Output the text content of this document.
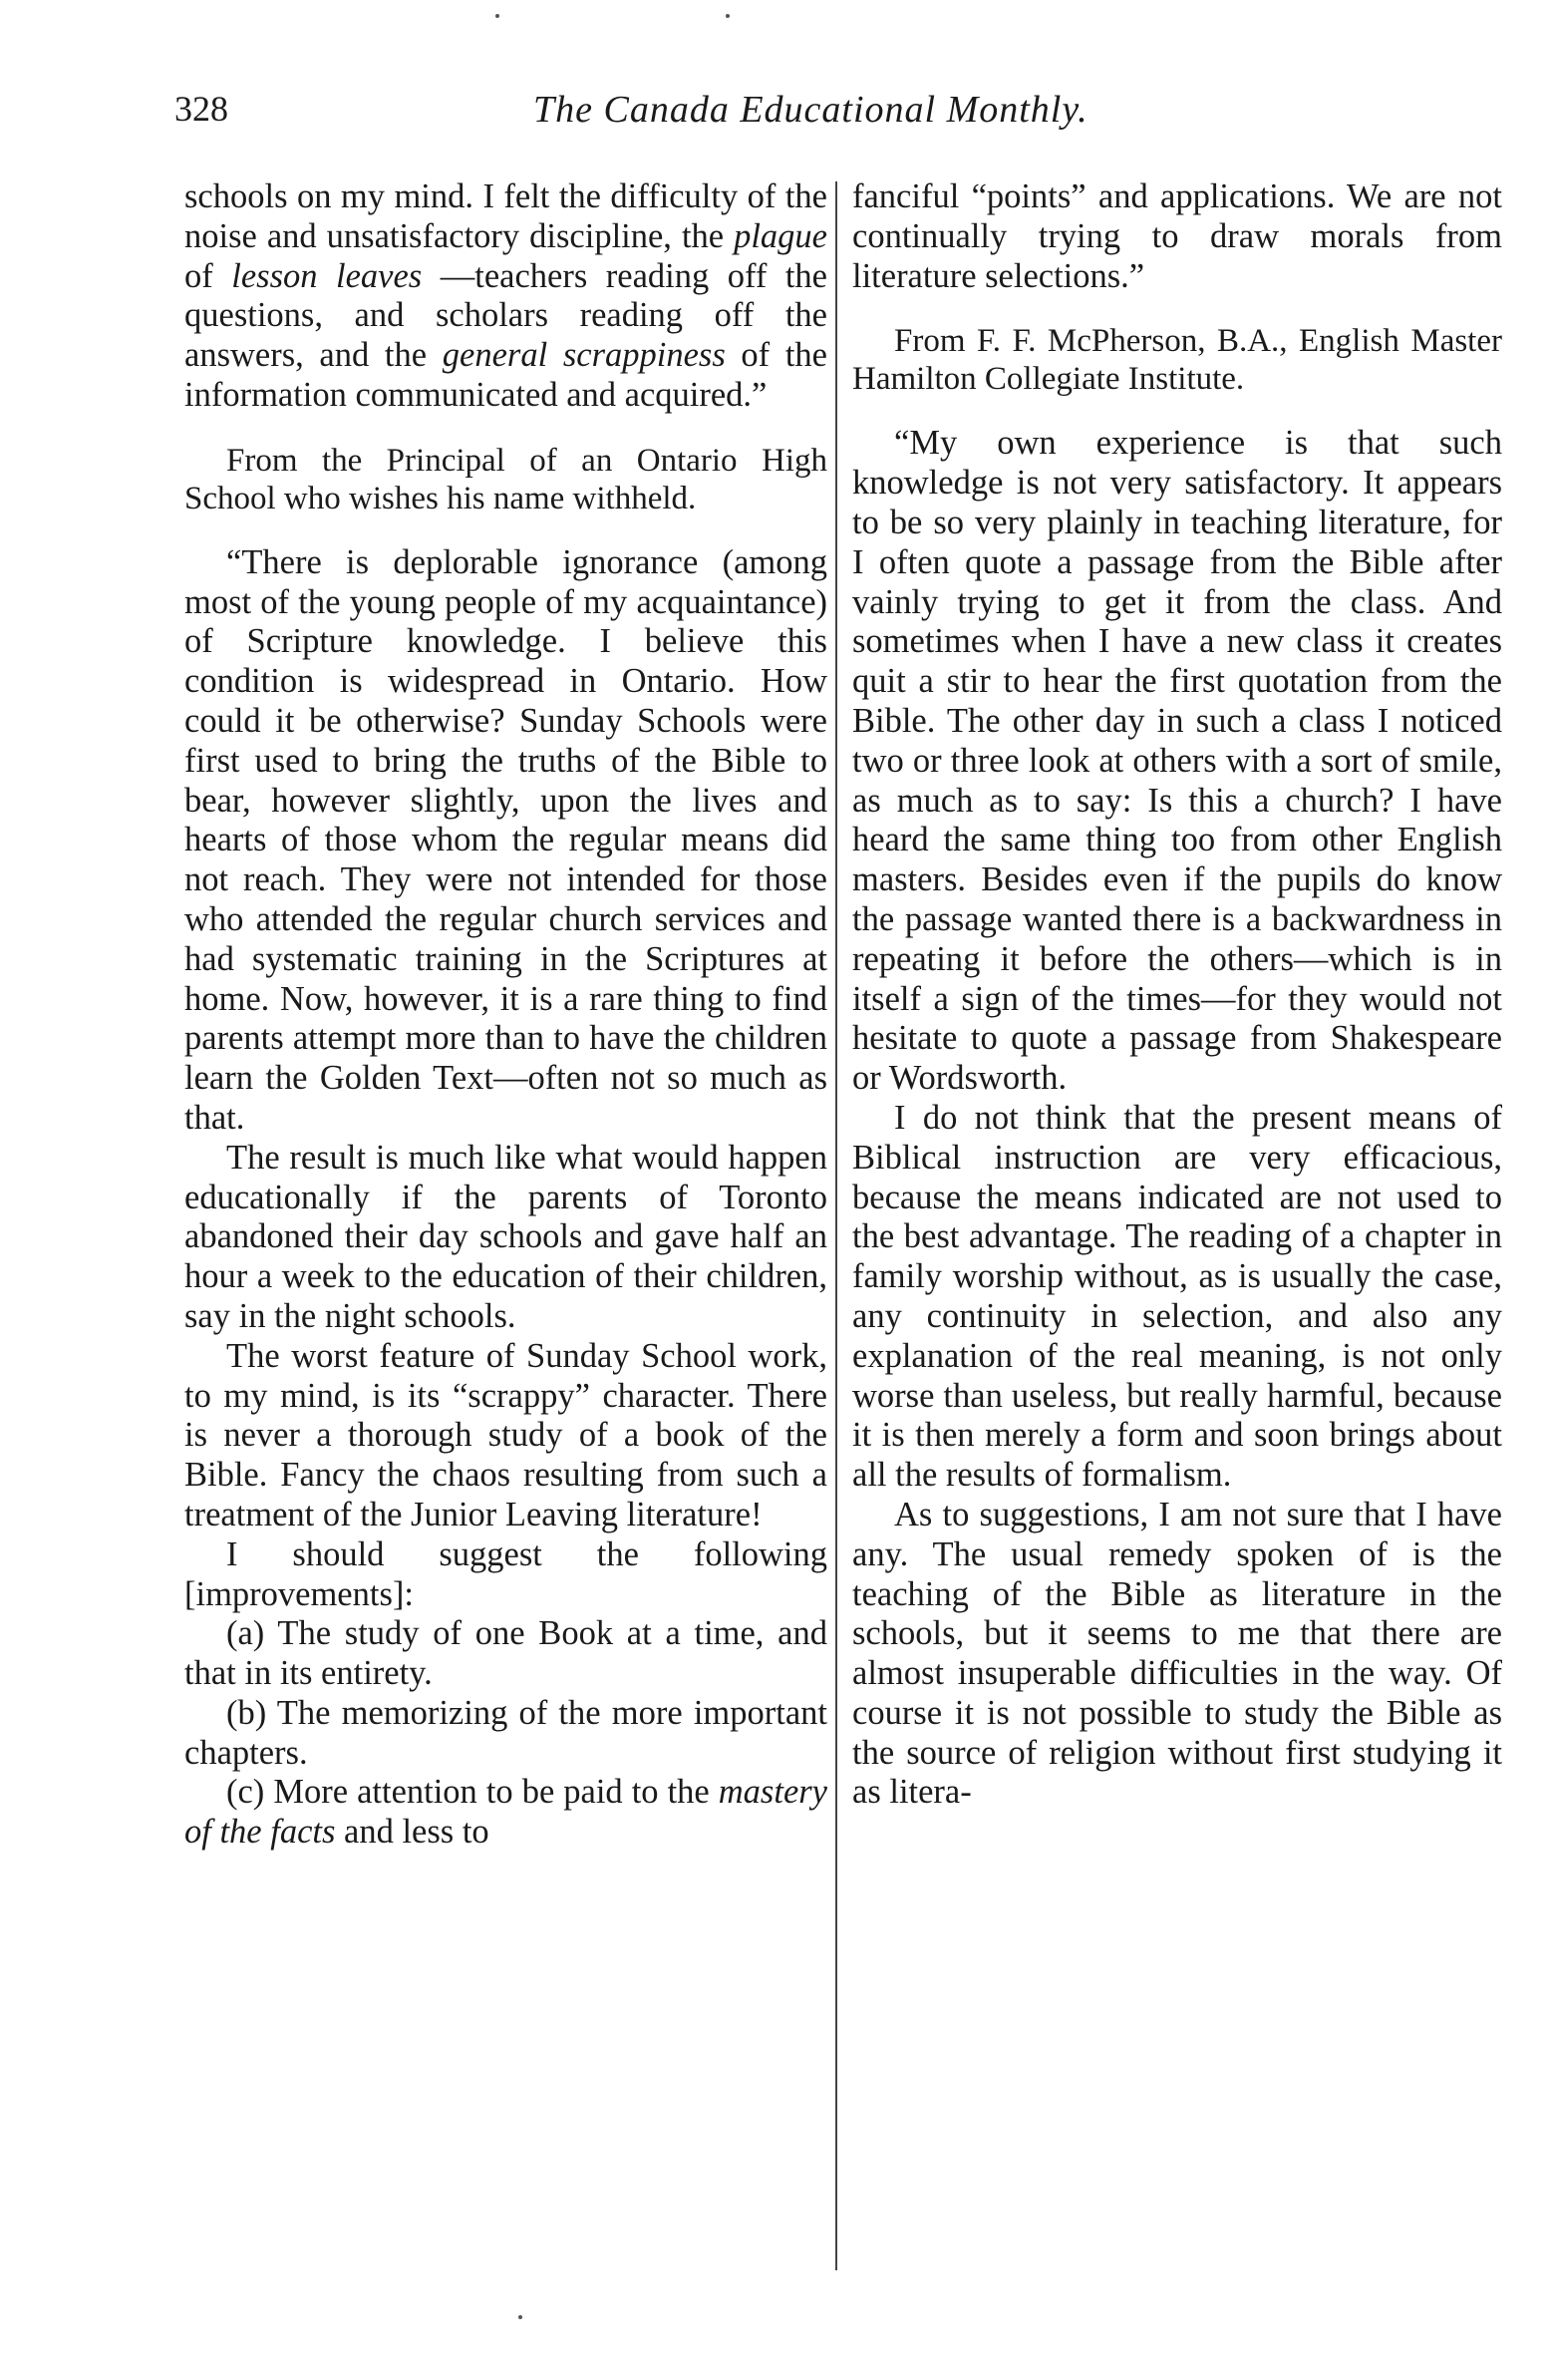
328	The Canada Educational Monthly.

schools on my mind. I felt the difficulty of the noise and unsatisfactory discipline, the plague of lesson leaves —teachers reading off the questions, and scholars reading off the answers, and the general scrappiness of the information communicated and acquired.”

From the Principal of an Ontario High School who wishes his name withheld.

“There is deplorable ignorance (among most of the young people of my acquaintance) of Scripture knowledge. I believe this condition is widespread in Ontario. How could it be otherwise? Sunday Schools were first used to bring the truths of the Bible to bear, however slightly, upon the lives and hearts of those whom the regular means did not reach. They were not intended for those who attended the regular church services and had systematic training in the Scriptures at home. Now, however, it is a rare thing to find parents attempt more than to have the children learn the Golden Text—often not so much as that.

The result is much like what would happen educationally if the parents of Toronto abandoned their day schools and gave half an hour a week to the education of their children, say in the night schools.

The worst feature of Sunday School work, to my mind, is its “scrappy” character. There is never a thorough study of a book of the Bible. Fancy the chaos resulting from such a treatment of the Junior Leaving literature!

I should suggest the following [improvements]:

(a) The study of one Book at a time, and that in its entirety.

(b) The memorizing of the more important chapters.

(c) More attention to be paid to the mastery of the facts and less to

fanciful “points” and applications. We are not continually trying to draw morals from literature selections.”

From F. F. McPherson, B.A., English Master Hamilton Collegiate Institute.

“My own experience is that such knowledge is not very satisfactory. It appears to be so very plainly in teaching literature, for I often quote a passage from the Bible after vainly trying to get it from the class. And sometimes when I have a new class it creates quit a stir to hear the first quotation from the Bible. The other day in such a class I noticed two or three look at others with a sort of smile, as much as to say: Is this a church? I have heard the same thing too from other English masters. Besides even if the pupils do know the passage wanted there is a backwardness in repeating it before the others—which is in itself a sign of the times—for they would not hesitate to quote a passage from Shakespeare or Wordsworth.

I do not think that the present means of Biblical instruction are very efficacious, because the means indicated are not used to the best advantage. The reading of a chapter in family worship without, as is usually the case, any continuity in selection, and also any explanation of the real meaning, is not only worse than useless, but really harmful, because it is then merely a form and soon brings about all the results of formalism.

As to suggestions, I am not sure that I have any. The usual remedy spoken of is the teaching of the Bible as literature in the schools, but it seems to me that there are almost insuperable difficulties in the way. Of course it is not possible to study the Bible as the source of religion without first studying it as litera-
